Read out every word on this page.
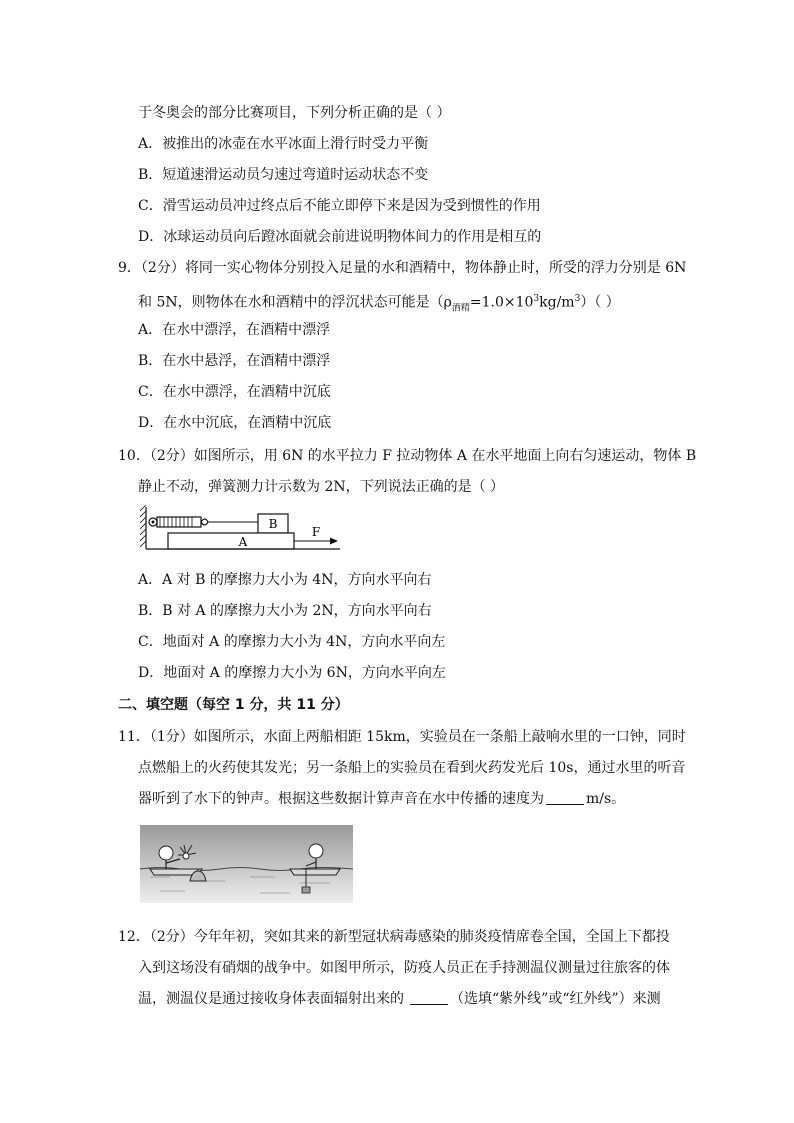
于冬奥会的部分比赛项目，下列分析正确的是（ ）
A．被推出的冰壶在水平冰面上滑行时受力平衡
B．短道速滑运动员匀速过弯道时运动状态不变
C．滑雪运动员冲过终点后不能立即停下来是因为受到惯性的作用
D．冰球运动员向后蹬冰面就会前进说明物体间力的作用是相互的
9．（2分）将同一实心物体分别投入足量的水和酒精中，物体静止时，所受的浮力分别是 6N
和 5N，则物体在水和酒精中的浮沉状态可能是$(\rho_{酒精}=1.0\times 10^3kg/m^3)$（ ）
A．在水中漂浮，在酒精中漂浮
B．在水中悬浮，在酒精中漂浮
C．在水中漂浮，在酒精中沉底
D．在水中沉底，在酒精中沉底
10．（2分）如图所示，用 6N 的水平拉力 F 拉动物体 A 在水平地面上向右匀速运动，物体 B
静止不动，弹簧测力计示数为 2N，下列说法正确的是（ ）
B
A
F
A．A 对 B 的摩擦力大小为 4N，方向水平向右
B．B 对 A 的摩擦力大小为 2N，方向水平向右
C．地面对 A 的摩擦力大小为 4N，方向水平向左
D．地面对 A 的摩擦力大小为 6N，方向水平向左
二、填空题（每空 1 分，共 11 分）
11．（1分）如图所示，水面上两船相距 15km，实验员在一条船上敲响水里的一口钟，同时
点燃船上的火药使其发光；另一条船上的实验员在看到火药发光后 10s，通过水里的听音
器听到了水下的钟声。根据这些数据计算声音在水中传播的速度为	m/s。
12．（2分）今年年初，突如其来的新型冠状病毒感染的肺炎疫情席卷全国，全国上下都投
入到这场没有硝烟的战争中。如图甲所示，防疫人员正在手持测温仪测量过往旅客的体
温，测温仪是通过接收身体表面辐射出来的	（选填“紫外线”或“红外线”）来测
